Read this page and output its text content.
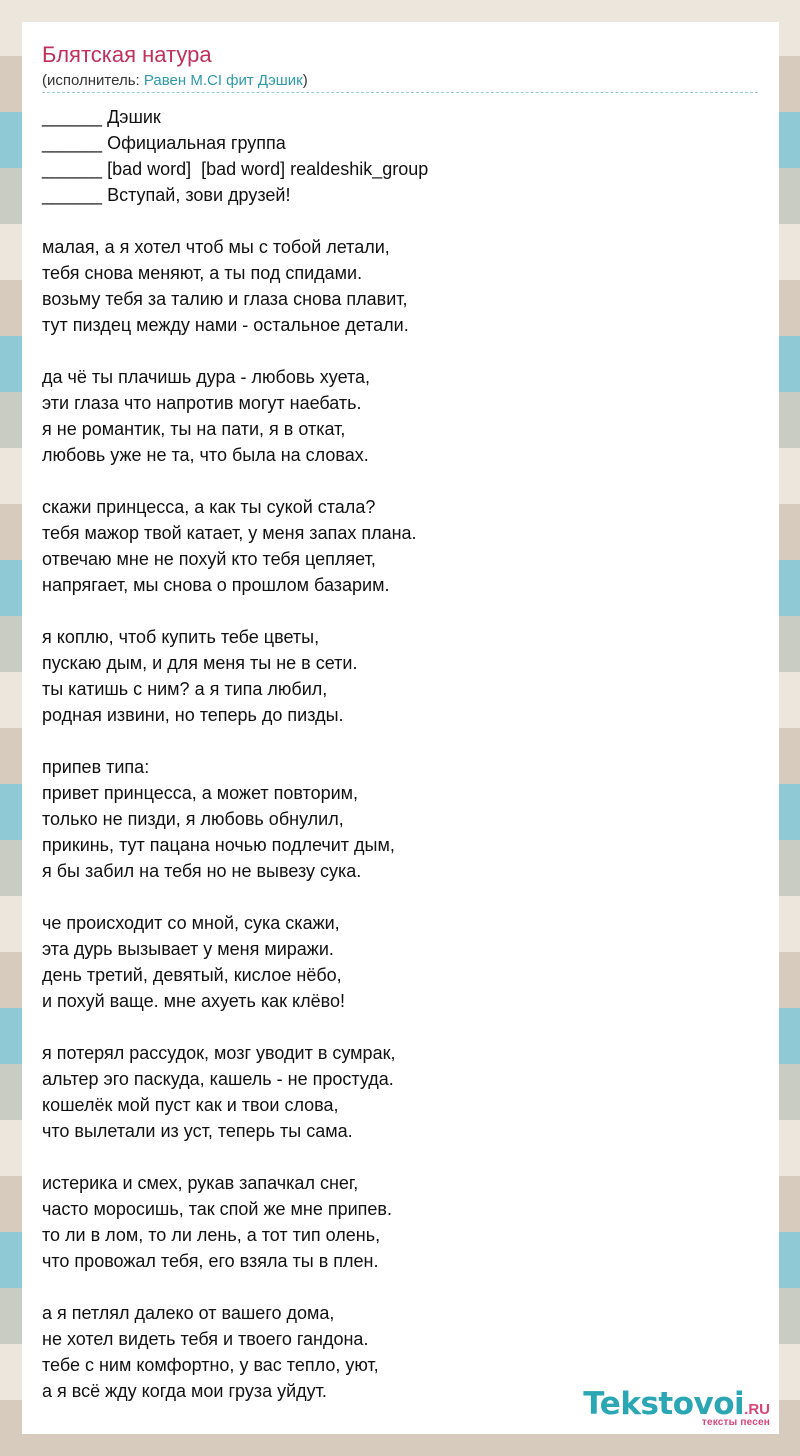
Блятская натура
(исполнитель: Равен M.CI фит Дэшик)
______ Дэшик
______ Официальная группа
______ [bad word]  [bad word] realdeshik_group
______ Вступай, зови друзей!
малая, а я хотел чтоб мы с тобой летали,
тебя снова меняют, а ты под спидами.
возьму тебя за талию и глаза снова плавит,
тут пиздец между нами - остальное детали.
да чё ты плачишь дура - любовь хуета,
эти глаза что напротив могут наебать.
я не романтик, ты на пати, я в откат,
любовь уже не та, что была на словах.
скажи принцесса, а как ты сукой стала?
тебя мажор твой катает, у меня запах плана.
отвечаю мне не похуй кто тебя цепляет,
напрягает, мы снова о прошлом базарим.
я коплю, чтоб купить тебе цветы,
пускаю дым, и для меня ты не в сети.
ты катишь с ним? а я типа любил,
родная извини, но теперь до пизды.
припев типа:
привет принцесса, а может повторим,
только не пизди, я любовь обнулил,
прикинь, тут пацана ночью подлечит дым,
я бы забил на тебя но не вывезу сука.
че происходит со мной, сука скажи,
эта дурь вызывает у меня миражи.
день третий, девятый, кислое нёбо,
и похуй ваще. мне ахуеть как клёво!
я потерял рассудок, мозг уводит в сумрак,
альтер эго паскуда, кашель - не простуда.
кошелёк мой пуст как и твои слова,
что вылетали из уст, теперь ты сама.
истерика и смех, рукав запачкал снег,
часто моросишь, так спой же мне припев.
то ли в лом, то ли лень, а тот тип олень,
что провожал тебя, его взяла ты в плен.
а я петлял далеко от вашего дома,
не хотел видеть тебя и твоего гандона.
тебе с ним комфортно, у вас тепло, уют,
а я всё жду когда мои груза уйдут.	Tekstovoi.RU
тексты песен
